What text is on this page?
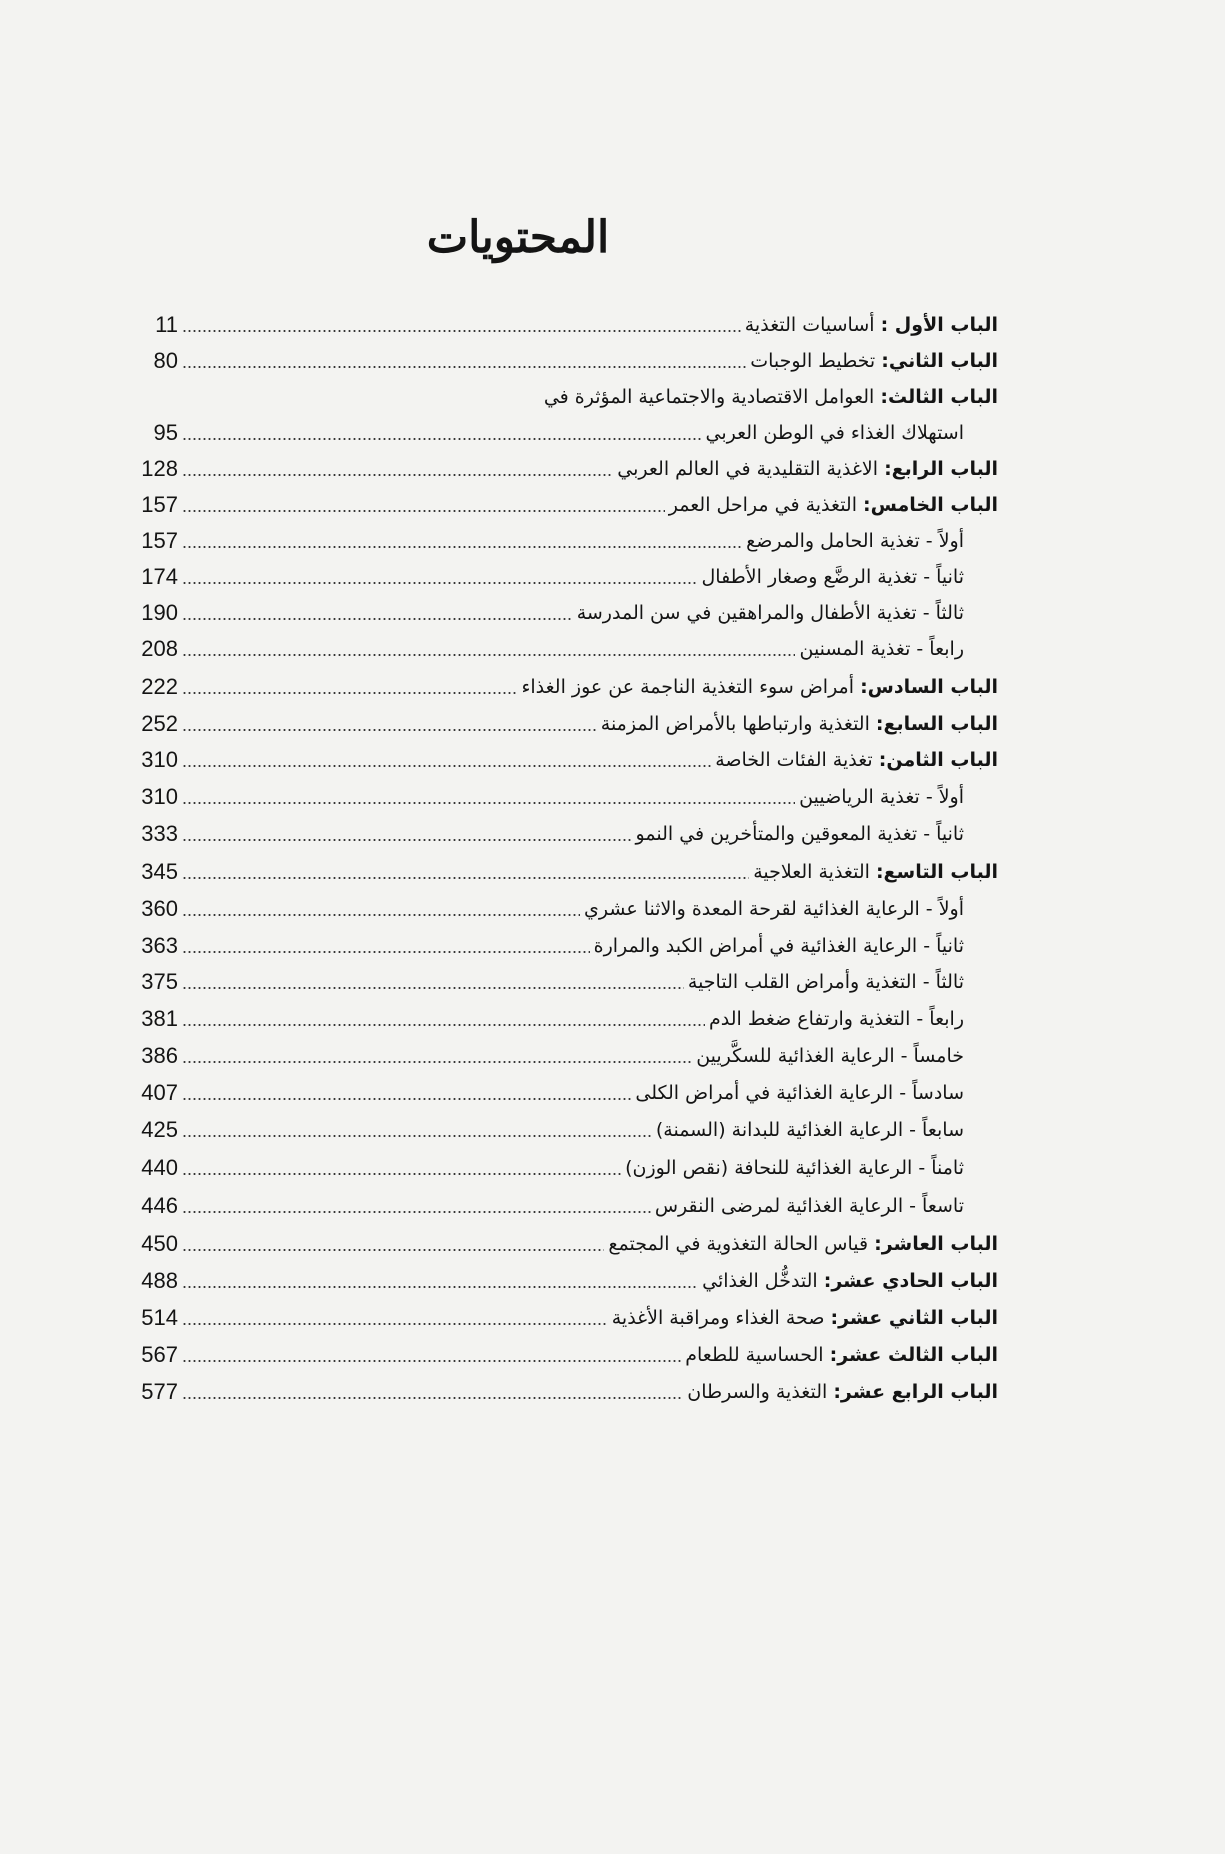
المحتويات
11	الباب الأول : أساسيات التغذية
80	الباب الثاني: تخطيط الوجبات
الباب الثالث: العوامل الاقتصادية والاجتماعية المؤثرة في
95	استهلاك الغذاء في الوطن العربي
128	الباب الرابع: الاغذية التقليدية في العالم العربي
157	الباب الخامس: التغذية في مراحل العمر
157	أولاً - تغذية الحامل والمرضع
174	ثانياً - تغذية الرضَّع وصغار الأطفال
190	ثالثاً - تغذية الأطفال والمراهقين في سن المدرسة
208	رابعاً - تغذية المسنين
222	الباب السادس: أمراض سوء التغذية الناجمة عن عوز الغذاء
252	الباب السابع: التغذية وارتباطها بالأمراض المزمنة
310	الباب الثامن: تغذية الفئات الخاصة
310	أولاً - تغذية الرياضيين
333	ثانياً - تغذية المعوقين والمتأخرين في النمو
345	الباب التاسع: التغذية العلاجية
360	أولاً - الرعاية الغذائية لقرحة المعدة والاثنا عشري
363	ثانياً - الرعاية الغذائية في أمراض الكبد والمرارة
375	ثالثاً - التغذية وأمراض القلب التاجية
381	رابعاً - التغذية وارتفاع ضغط الدم
386	خامساً - الرعاية الغذائية للسكَّريين
407	سادساً - الرعاية الغذائية في أمراض الكلى
425	سابعاً - الرعاية الغذائية للبدانة (السمنة)
440	ثامناً - الرعاية الغذائية للنحافة (نقص الوزن)
446	تاسعاً - الرعاية الغذائية لمرضى النقرس
450	الباب العاشر: قياس الحالة التغذوية في المجتمع
488	الباب الحادي عشر: التدخُّل الغذائي
514	الباب الثاني عشر: صحة الغذاء ومراقبة الأغذية
567	الباب الثالث عشر: الحساسية للطعام
577	الباب الرابع عشر: التغذية والسرطان
